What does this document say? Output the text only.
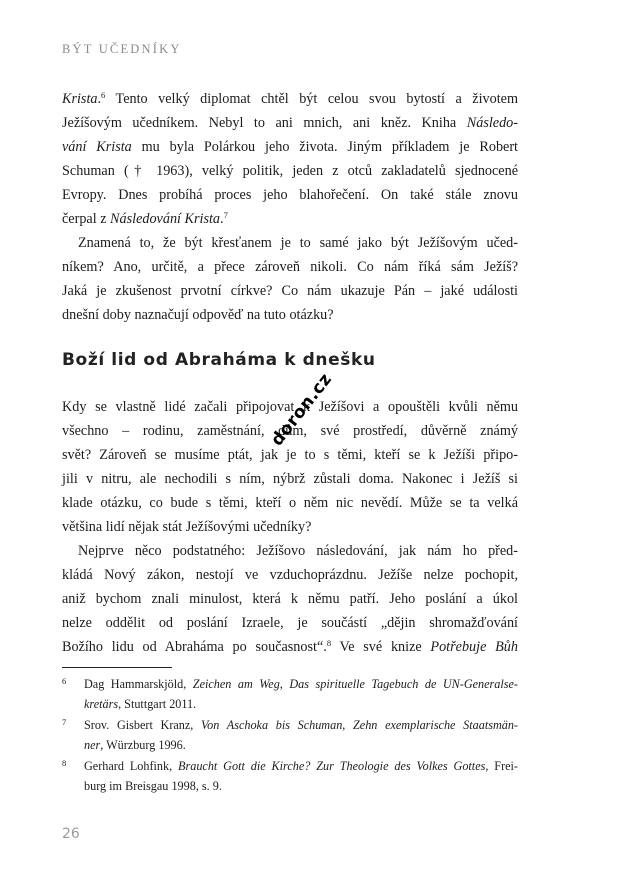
BÝT UČEDNÍKY
Krista.$^6$ Tento velký diplomat chtěl být celou svou bytostí a životem
Ježíšovým učedníkem. Nebyl to ani mnich, ani kněz. Kniha Následo-
vání Krista mu byla Polárkou jeho života. Jiným příkladem je Robert
Schuman († 1963), velký politik, jeden z otců zakladatelů sjednocené
Evropy. Dnes probíhá proces jeho blahořečení. On také stále znovu
čerpal z Následování Krista.$^7$
Znamená to, že být křesťanem je to samé jako být Ježíšovým učed-
níkem? Ano, určitě, a přece zároveň nikoli. Co nám říká sám Ježíš?
Jaká je zkušenost prvotní církve? Co nám ukazuje Pán – jaké události
dnešní doby naznačují odpověď na tuto otázku?
Boží lid od Abraháma k dnešku
Kdy se vlastně lidé začali připojovat k Ježíšovi a opouštěli kvůli němu
všechno – rodinu, zaměstnání, dům, své prostředí, důvěrně známý
svět? Zároveň se musíme ptát, jak je to s těmi, kteří se k Ježíši připo-
jili v nitru, ale nechodili s ním, nýbrž zůstali doma. Nakonec i Ježíš si
klade otázku, co bude s těmi, kteří o něm nic nevědí. Může se ta velká
většina lidí nějak stát Ježíšovými učedníky?
Nejprve něco podstatného: Ježíšovo následování, jak nám ho před-
kládá Nový zákon, nestojí ve vzduchoprázdnu. Ježíše nelze pochopit,
aniž bychom znali minulost, která k němu patří. Jeho poslání a úkol
nelze oddělit od poslání Izraele, je součástí „dějin shromažďování
Božího lidu od Abraháma po současnost“.$^8$ Ve své knize Potřebuje Bůh
6 Dag Hammarskjöld, Zeichen am Weg, Das spirituelle Tagebuch de UN-Generalse-
kretärs, Stuttgart 2011.
7 Srov. Gisbert Kranz, Von Aschoka bis Schuman, Zehn exemplarische Staatsmän-
ner, Würzburg 1996.
8 Gerhard Lohfink, Braucht Gott die Kirche? Zur Theologie des Volkes Gottes, Frei-
burg im Breisgau 1998, s. 9.
26
doron.cz
